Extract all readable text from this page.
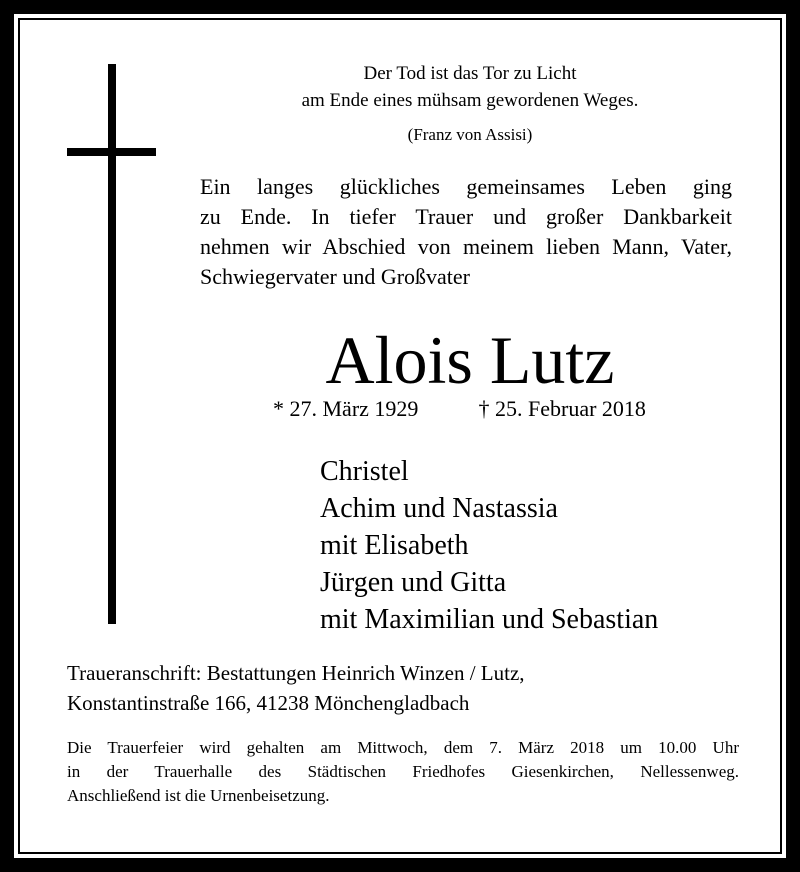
Der Tod ist das Tor zu Licht
am Ende eines mühsam gewordenen Weges.
(Franz von Assisi)
Ein langes glückliches gemeinsames Leben ging
zu Ende. In tiefer Trauer und großer Dankbarkeit
nehmen wir Abschied von meinem lieben Mann, Vater,
Schwiegervater und Großvater
Alois Lutz
* 27. März 1929	† 25. Februar 2018
Christel
Achim und Nastassia
mit Elisabeth
Jürgen und Gitta
mit Maximilian und Sebastian
Traueranschrift: Bestattungen Heinrich Winzen / Lutz,
Konstantinstraße 166, 41238 Mönchengladbach
Die Trauerfeier wird gehalten am Mittwoch, dem 7. März 2018 um 10.00 Uhr
in der Trauerhalle des Städtischen Friedhofes Giesenkirchen, Nellessenweg.
Anschließend ist die Urnenbeisetzung.
